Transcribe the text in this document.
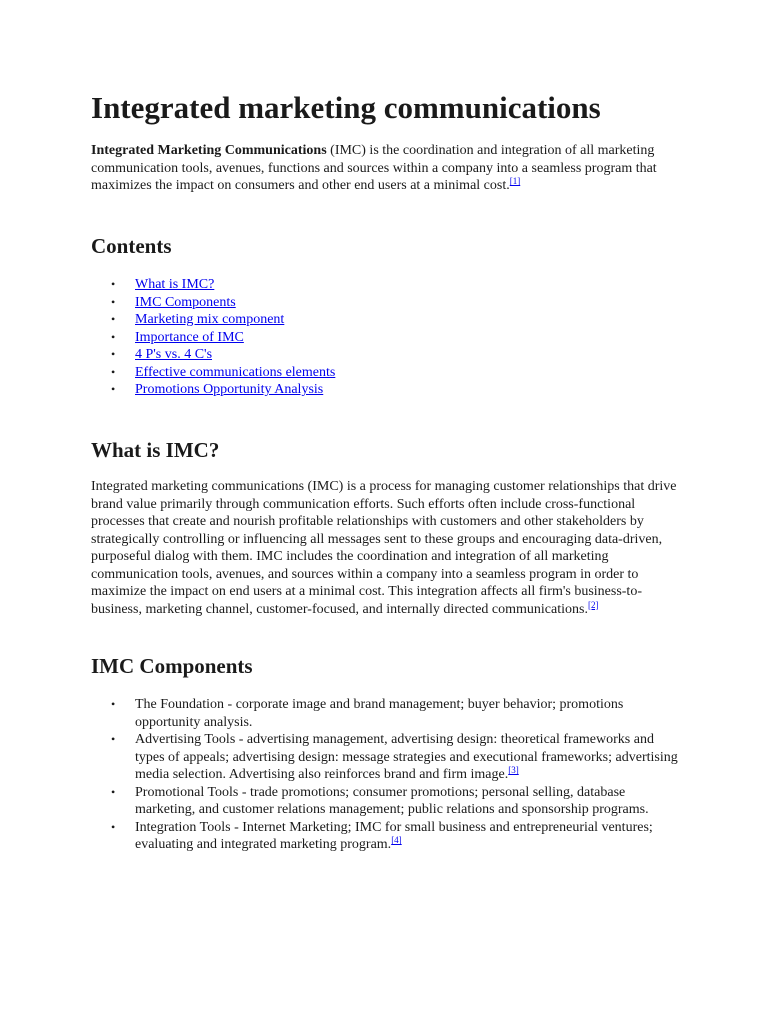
Integrated marketing communications

Integrated Marketing Communications (IMC) is the coordination and integration of all marketing communication tools, avenues, functions and sources within a company into a seamless program that maximizes the impact on consumers and other end users at a minimal cost.[1]

Contents
• What is IMC?
• IMC Components
• Marketing mix component
• Importance of IMC
• 4 P's vs. 4 C's
• Effective communications elements
• Promotions Opportunity Analysis
What is IMC?

Integrated marketing communications (IMC) is a process for managing customer relationships that drive brand value primarily through communication efforts. Such efforts often include cross-functional processes that create and nourish profitable relationships with customers and other stakeholders by strategically controlling or influencing all messages sent to these groups and encouraging data-driven, purposeful dialog with them. IMC includes the coordination and integration of all marketing communication tools, avenues, and sources within a company into a seamless program in order to maximize the impact on end users at a minimal cost. This integration affects all firm's business-to-business, marketing channel, customer-focused, and internally directed communications.[2]

IMC Components
• The Foundation - corporate image and brand management; buyer behavior; promotions opportunity analysis.
• Advertising Tools - advertising management, advertising design: theoretical frameworks and types of appeals; advertising design: message strategies and executional frameworks; advertising media selection. Advertising also reinforces brand and firm image.[3]
• Promotional Tools - trade promotions; consumer promotions; personal selling, database marketing, and customer relations management; public relations and sponsorship programs.
• Integration Tools - Internet Marketing; IMC for small business and entrepreneurial ventures; evaluating and integrated marketing program.[4]
